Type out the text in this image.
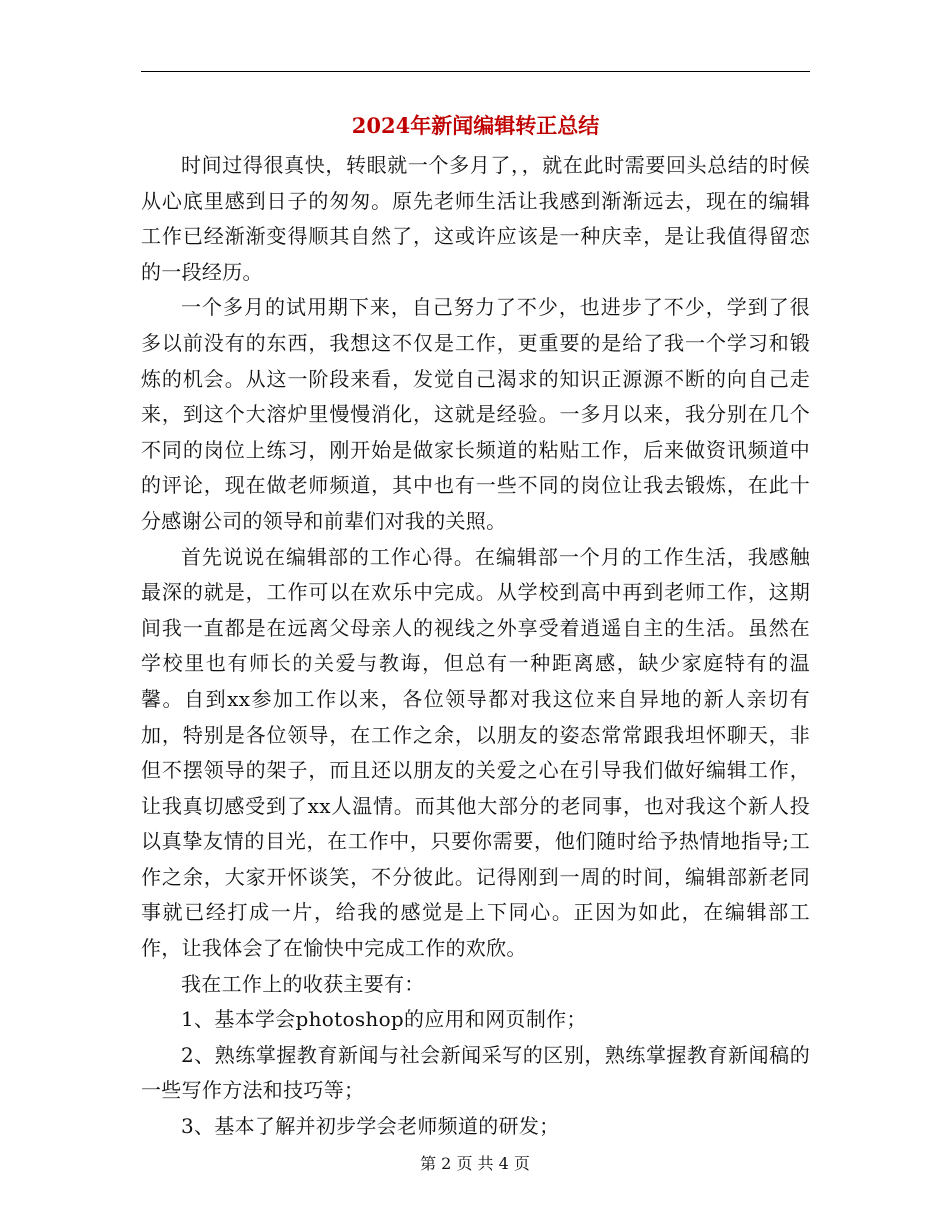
2024年新闻编辑转正总结

时间过得很真快，转眼就一个多月了，，就在此时需要回头总结的时候从心底里感到日子的匆匆。原先老师生活让我感到渐渐远去，现在的编辑工作已经渐渐变得顺其自然了，这或许应该是一种庆幸，是让我值得留恋的一段经历。

一个多月的试用期下来，自己努力了不少，也进步了不少，学到了很多以前没有的东西，我想这不仅是工作，更重要的是给了我一个学习和锻炼的机会。从这一阶段来看，发觉自己渴求的知识正源源不断的向自己走来，到这个大溶炉里慢慢消化，这就是经验。一多月以来，我分别在几个不同的岗位上练习，刚开始是做家长频道的粘贴工作，后来做资讯频道中的评论，现在做老师频道，其中也有一些不同的岗位让我去锻炼，在此十分感谢公司的领导和前辈们对我的关照。

首先说说在编辑部的工作心得。在编辑部一个月的工作生活，我感触最深的就是，工作可以在欢乐中完成。从学校到高中再到老师工作，这期间我一直都是在远离父母亲人的视线之外享受着逍遥自主的生活。虽然在学校里也有师长的关爱与教诲，但总有一种距离感，缺少家庭特有的温馨。自到xx参加工作以来，各位领导都对我这位来自异地的新人亲切有加，特别是各位领导，在工作之余，以朋友的姿态常常跟我坦怀聊天，非但不摆领导的架子，而且还以朋友的关爱之心在引导我们做好编辑工作，让我真切感受到了xx人温情。而其他大部分的老同事，也对我这个新人投以真挚友情的目光，在工作中，只要你需要，他们随时给予热情地指导;工作之余，大家开怀谈笑，不分彼此。记得刚到一周的时间，编辑部新老同事就已经打成一片，给我的感觉是上下同心。正因为如此，在编辑部工作，让我体会了在愉快中完成工作的欢欣。

我在工作上的收获主要有：

1、基本学会photoshop的应用和网页制作；

2、熟练掌握教育新闻与社会新闻采写的区别，熟练掌握教育新闻稿的一些写作方法和技巧等；

3、基本了解并初步学会老师频道的研发；

第 2 页 共 4 页
